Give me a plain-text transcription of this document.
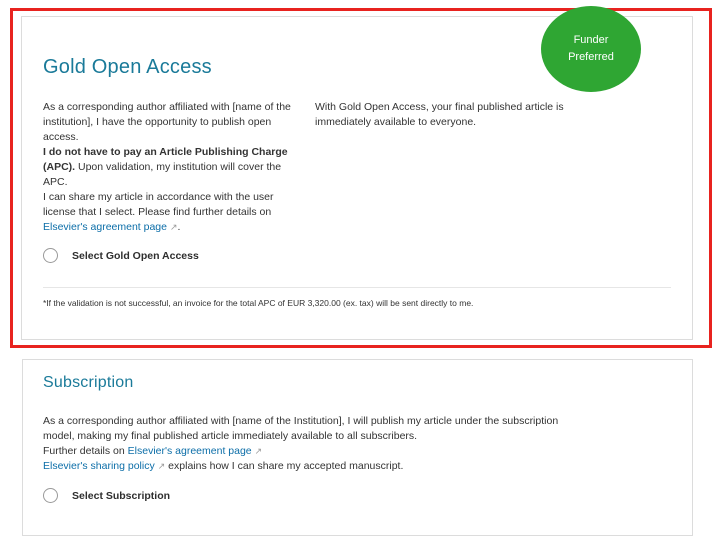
Funder
Preferred
Gold Open Access
As a corresponding author affiliated with [name of the institution], I have the opportunity to publish open access.
I do not have to pay an Article Publishing Charge (APC). Upon validation, my institution will cover the APC.
I can share my article in accordance with the user license that I select. Please find further details on
Elsevier's agreement page ↗.
With Gold Open Access, your final published article is immediately available to everyone.
Select Gold Open Access
*If the validation is not successful, an invoice for the total APC of EUR 3,320.00 (ex. tax) will be sent directly to me.
Subscription
As a corresponding author affiliated with [name of the Institution], I will publish my article under the subscription model, making my final published article immediately available to all subscribers.
Further details on Elsevier's agreement page ↗
Elsevier's sharing policy ↗ explains how I can share my accepted manuscript.
Select Subscription
